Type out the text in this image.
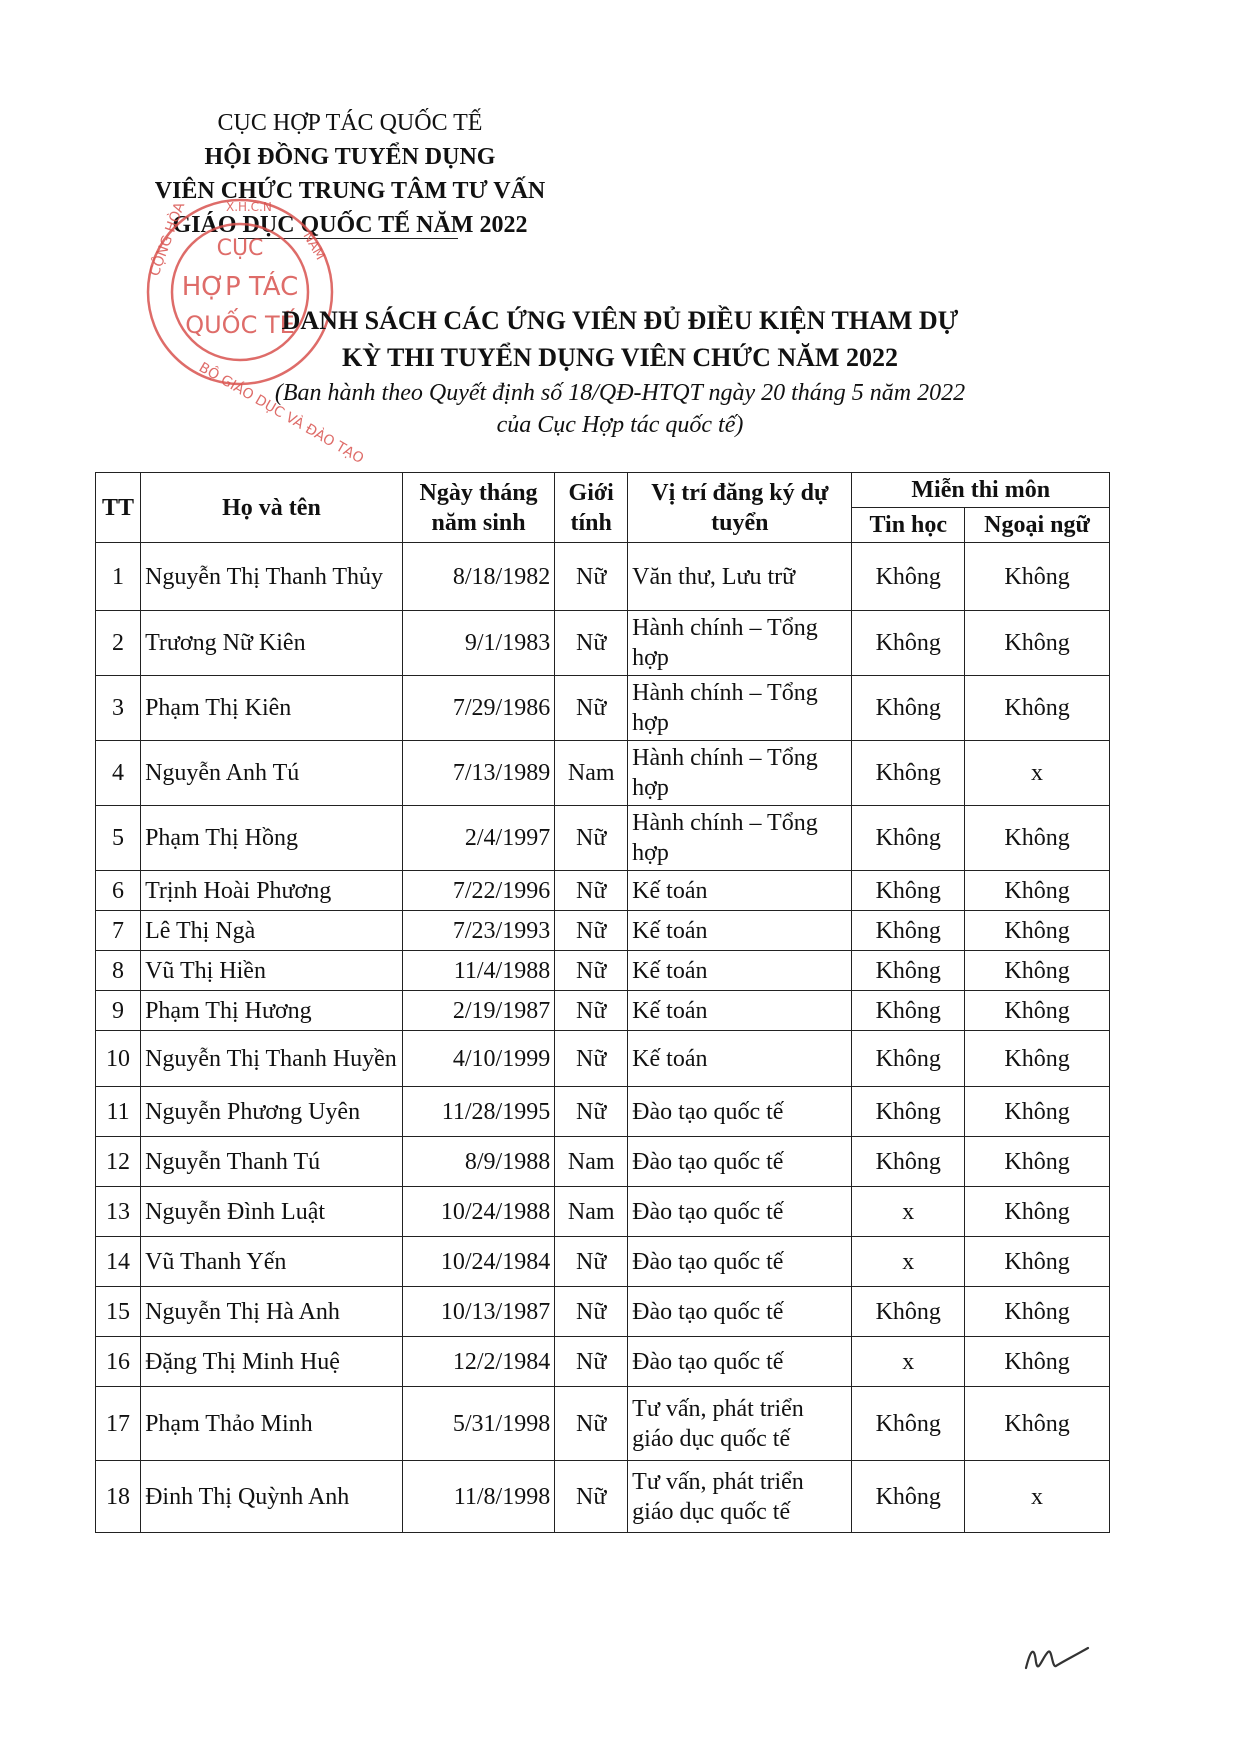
CỤC HỢP TÁC QUỐC TẾ
HỘI ĐỒNG TUYỂN DỤNG
VIÊN CHỨC TRUNG TÂM TƯ VẤN
GIÁO DỤC QUỐC TẾ NĂM 2022
CỤC
HỢP TÁC
QUỐC TẾ
CỘNG HÒA
BỘ GIÁO DỤC VÀ ĐÀO TẠO
X.H.C.N
NAM
DANH SÁCH CÁC ỨNG VIÊN ĐỦ ĐIỀU KIỆN THAM DỰ
KỲ THI TUYỂN DỤNG VIÊN CHỨC NĂM 2022
(Ban hành theo Quyết định số 18/QĐ-HTQT ngày 20 tháng 5 năm 2022
của Cục Hợp tác quốc tế)
TT	Họ và tên	Ngày tháng năm sinh	Giới tính	Vị trí đăng ký dự tuyển	Miễn thi môn	
					Tin học	Ngoại ngữ
1	Nguyễn Thị Thanh Thủy	8/18/1982	Nữ	Văn thư, Lưu trữ	Không	Không
2	Trương Nữ Kiên	9/1/1983	Nữ	Hành chính – Tổng hợp	Không	Không
3	Phạm Thị Kiên	7/29/1986	Nữ	Hành chính – Tổng hợp	Không	Không
4	Nguyễn Anh Tú	7/13/1989	Nam	Hành chính – Tổng hợp	Không	x
5	Phạm Thị Hồng	2/4/1997	Nữ	Hành chính – Tổng hợp	Không	Không
6	Trịnh Hoài Phương	7/22/1996	Nữ	Kế toán	Không	Không
7	Lê Thị Ngà	7/23/1993	Nữ	Kế toán	Không	Không
8	Vũ Thị Hiền	11/4/1988	Nữ	Kế toán	Không	Không
9	Phạm Thị Hương	2/19/1987	Nữ	Kế toán	Không	Không
10	Nguyễn Thị Thanh Huyền	4/10/1999	Nữ	Kế toán	Không	Không
11	Nguyễn Phương Uyên	11/28/1995	Nữ	Đào tạo quốc tế	Không	Không
12	Nguyễn Thanh Tú	8/9/1988	Nam	Đào tạo quốc tế	Không	Không
13	Nguyễn Đình Luật	10/24/1988	Nam	Đào tạo quốc tế	x	Không
14	Vũ Thanh Yến	10/24/1984	Nữ	Đào tạo quốc tế	x	Không
15	Nguyễn Thị Hà Anh	10/13/1987	Nữ	Đào tạo quốc tế	Không	Không
16	Đặng Thị Minh Huệ	12/2/1984	Nữ	Đào tạo quốc tế	x	Không
17	Phạm Thảo Minh	5/31/1998	Nữ	Tư vấn, phát triển giáo dục quốc tế	Không	Không
18	Đinh Thị Quỳnh Anh	11/8/1998	Nữ	Tư vấn, phát triển giáo dục quốc tế	Không	x
